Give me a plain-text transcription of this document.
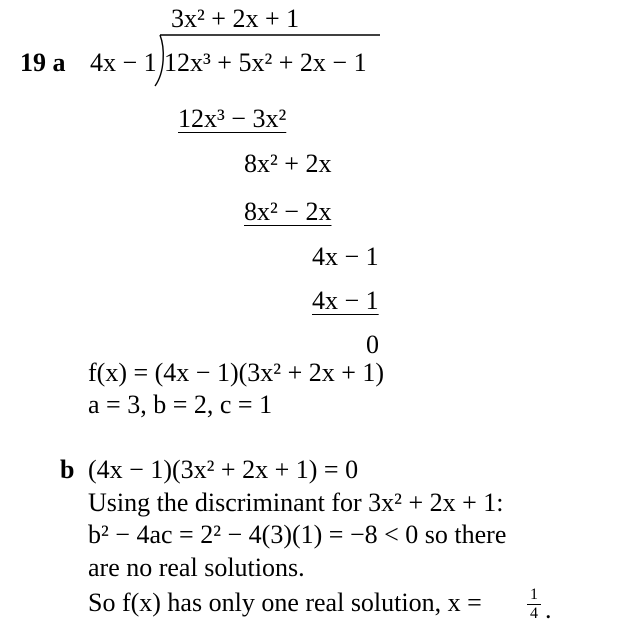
3x² + 2x + 1
19 a 4x − 1 12x³ + 5x² + 2x − 1
12x³ − 3x²
8x² + 2x
8x² − 2x
4x − 1
4x − 1
0
f(x) = (4x − 1)(3x² + 2x + 1)
a = 3, b = 2, c = 1
b (4x − 1)(3x² + 2x + 1) = 0
Using the discriminant for 3x² + 2x + 1:
b² − 4ac = 2² − 4(3)(1) = −8 < 0 so there
are no real solutions.
So f(x) has only one real solution, x =	1
4 .
